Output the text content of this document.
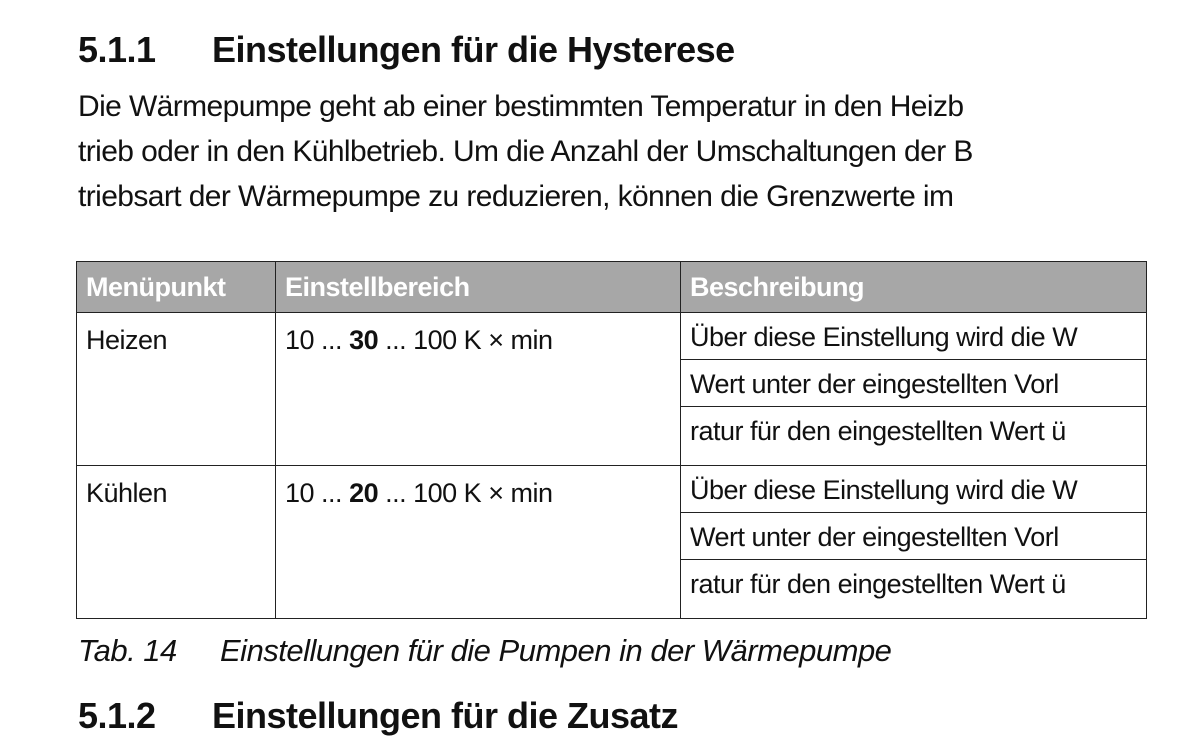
5.1.1 Einstellungen für die Hysterese
Die Wärmepumpe geht ab einer bestimmten Temperatur in den Heizb
trieb oder in den Kühlbetrieb. Um die Anzahl der Umschaltungen der B
triebsart der Wärmepumpe zu reduzieren, können die Grenzwerte im
Menüpunkt	Einstellbereich	Beschreibung
Heizen	10 ... 30 ... 100 K × min	Über diese Einstellung wird die W
Wert unter der eingestellten Vorl
ratur für den eingestellten Wert ü

Kühlen	10 ... 20 ... 100 K × min	Über diese Einstellung wird die W
Wert unter der eingestellten Vorl
ratur für den eingestellten Wert ü
Tab. 14 Einstellungen für die Pumpen in der Wärmepumpe
5.1.2 Einstellungen für die Zusatz
